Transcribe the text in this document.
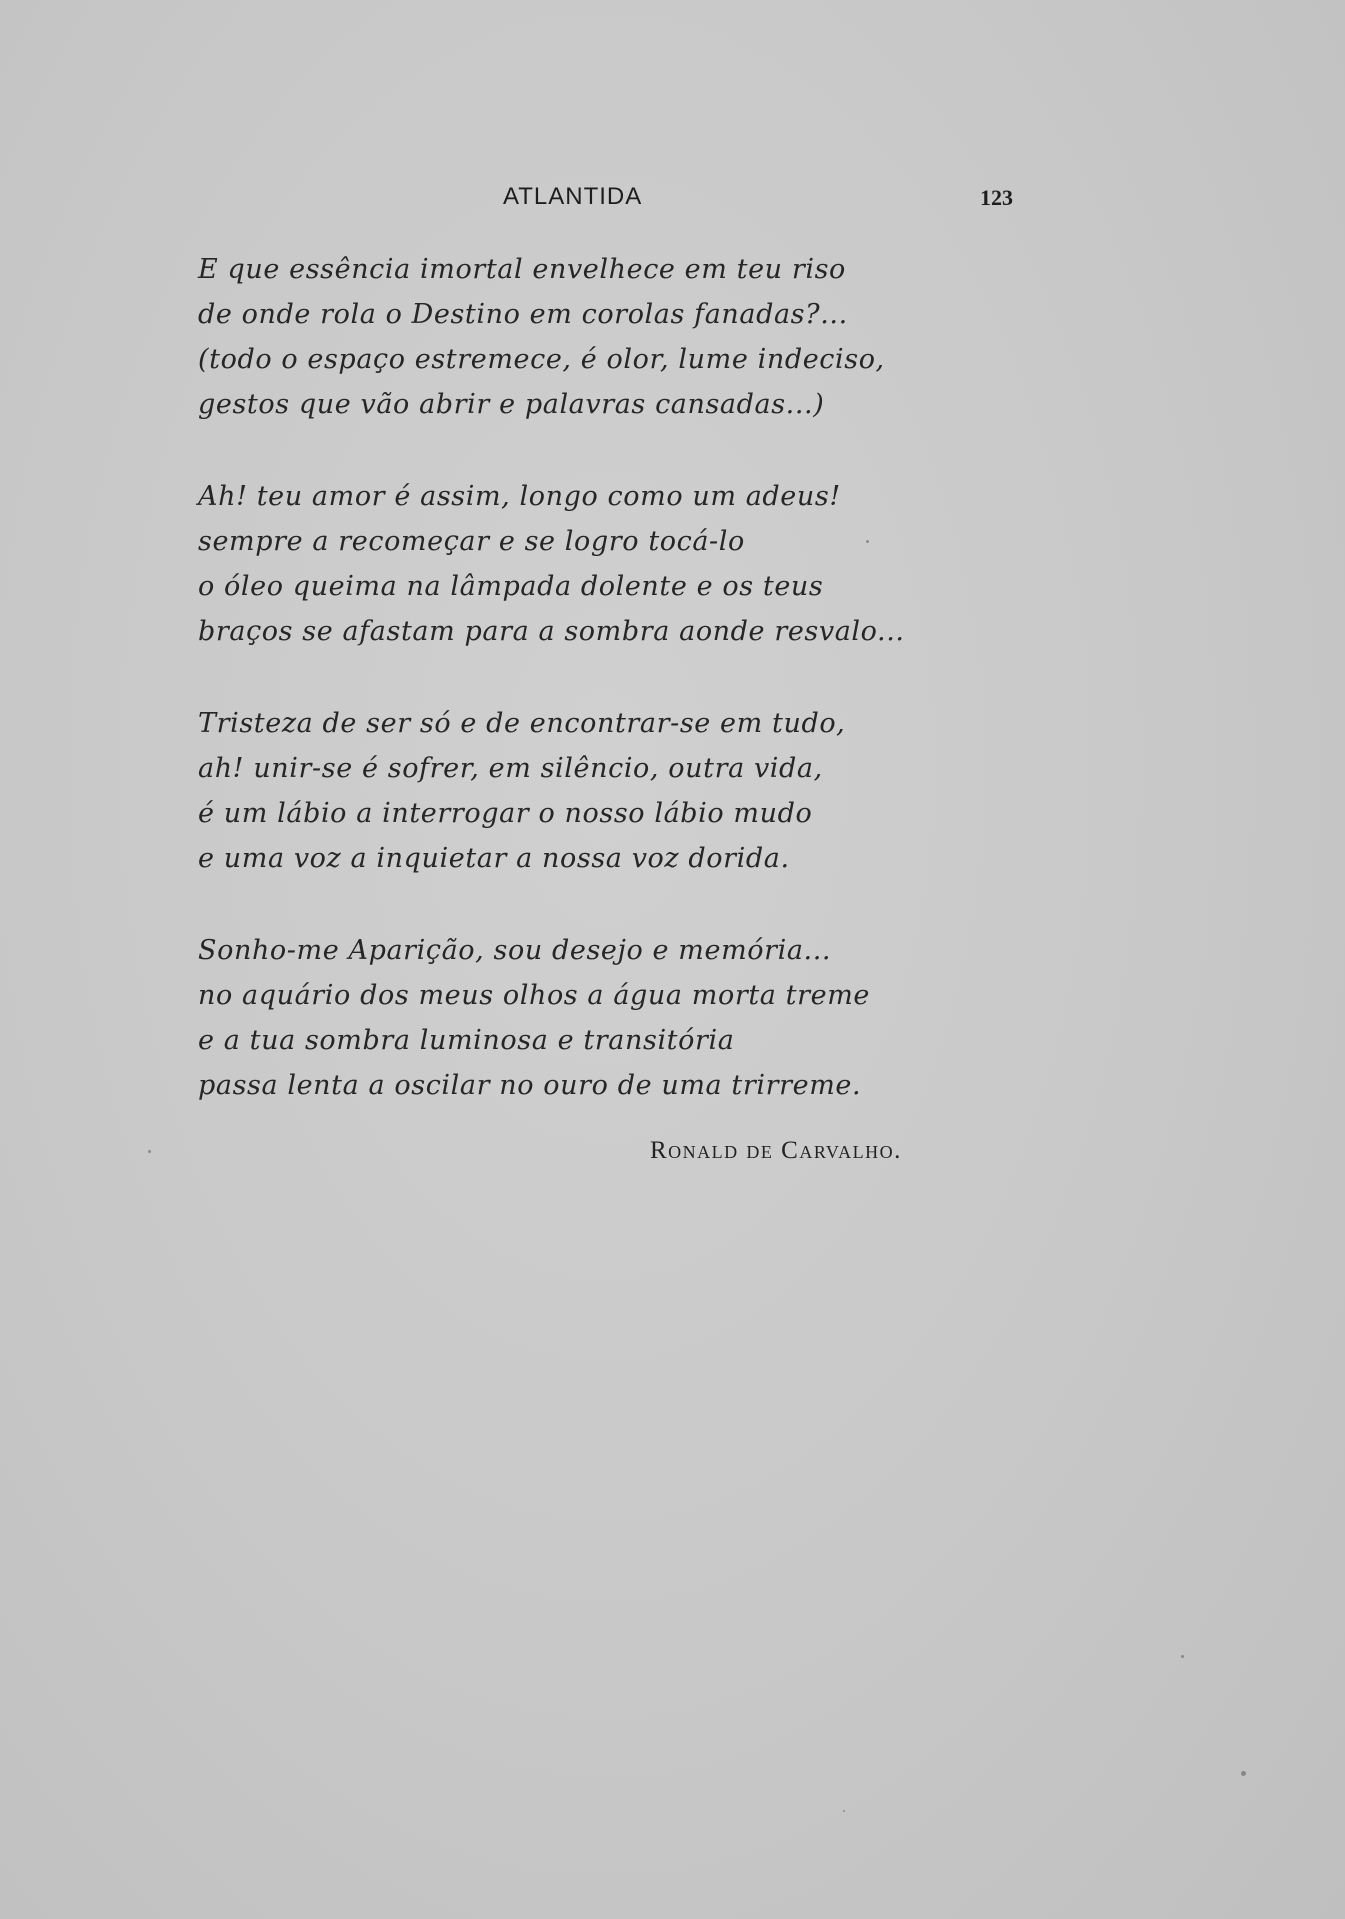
ATLANTIDA	123
E que essência imortal envelhece em teu riso
de onde rola o Destino em corolas fanadas?...
(todo o espaço estremece, é olor, lume indeciso,
gestos que vão abrir e palavras cansadas...)
Ah! teu amor é assim, longo como um adeus!
sempre a recomeçar e se logro tocá-lo
o óleo queima na lâmpada dolente e os teus
braços se afastam para a sombra aonde resvalo...
Tristeza de ser só e de encontrar-se em tudo,
ah! unir-se é sofrer, em silêncio, outra vida,
é um lábio a interrogar o nosso lábio mudo
e uma voz a inquietar a nossa voz dorida.
Sonho-me Aparição, sou desejo e memória...
no aquário dos meus olhos a água morta treme
e a tua sombra luminosa e transitória
passa lenta a oscilar no ouro de uma trirreme.
Ronald de Carvalho.
